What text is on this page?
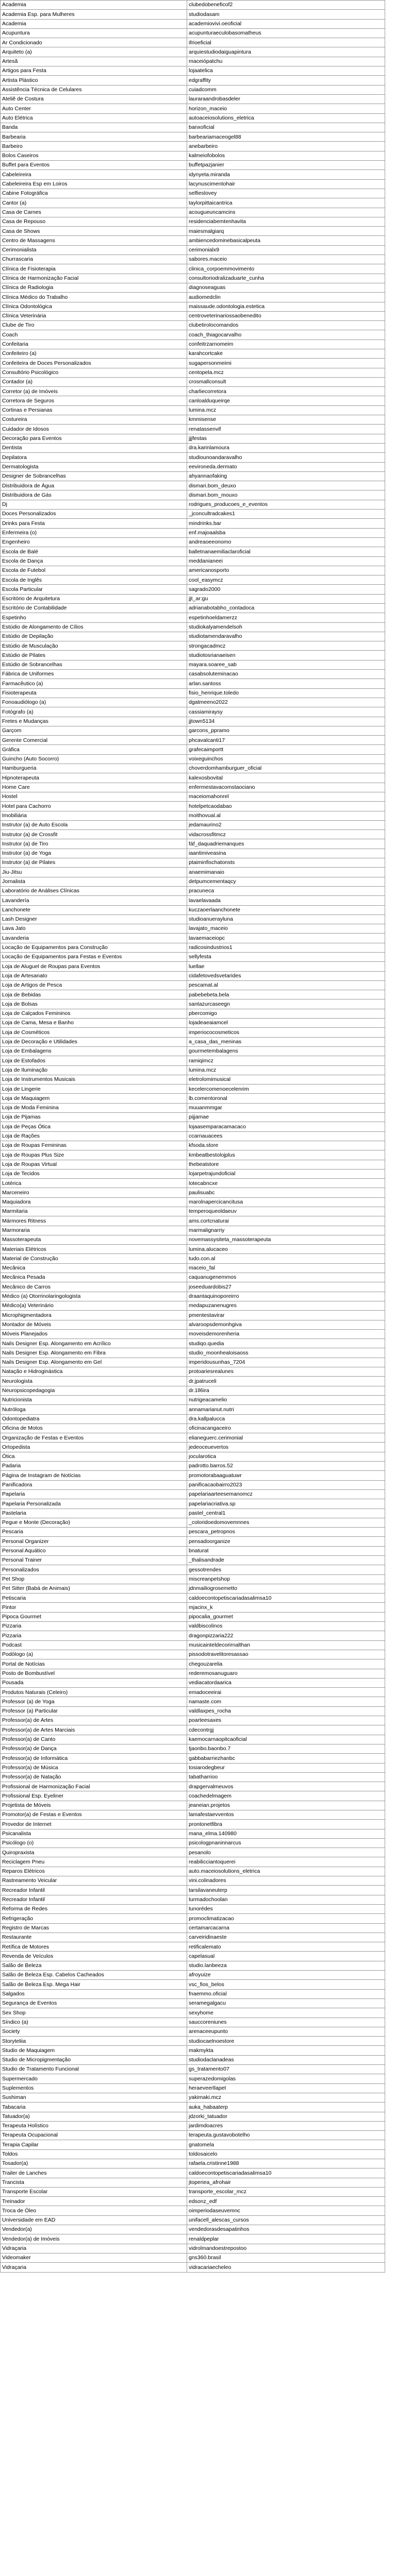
Academia	clubedobeneficof2
Academia Esp. para Mulheres	studiodasam
Academia	academiovivi.oeoficial
Acupuntura	acupunturaeculobasomatheus
Ar Condicionado	ifrioeficial
Arquiteto (a)	arquiestudiodaiguapintura
Artesã	maceiópatchu
Artigos para Festa	lojaatelica
Artista Plástico	edgraffity
Assistência Técnica de Celulares	cuiadcomm
Ateliê de Costura	lauraraandrobasdeler
Auto Center	horizon_maceio
Auto Elétrica	autoaceiosolutions_eletrica
Banda	banxoficial
Barbearia	barbeariamaceogel88
Barbeiro	anebarbeiro
Bolos Caseiros	kalmeiofobolos
Buffet para Eventos	buffetpazjanier
Cabeleireira	idynyeta.miranda
Cabeleireira Esp em Loiros	lacynuscimentohair
Cabine Fotográfica	selfieslovey
Cantor (a)	taylorpittaicantrica
Casa de Carnes	acougueuncamcins
Casa de Repouso	residenciabemtenhavita
Casa de Shows	maiesmalgiarq
Centro de Massagens	ambiencedominebasicalpeuta
Cerimonialista	cerimonialx9
Churrascaria	sabores.maceio
Clínica de Fisioterapia	clinica_corpoemmovimento
Clínica de Harmonização Facial	consultoriodralizaduarte_cunha
Clínica de Radiologia	diagnoseaguas
Clínica Médico do Trabalho	audiomedclin
Clínica Odontológica	maissaude.odontologia.estetica
Clínica Veterinária	centroveterinariossaobenedito
Clube de Tiro	clubetirolocomandos
Coach	coach_thiagocarvalho
Confeitaria	confeitrzarnomeim
Confeiteiro (a)	karahcortcake
Confeiteira de Doces Personalizados	sugapersonmeimi
Consultório Psicológico	centopela.mcz
Contador (a)	crosmallconsult
Corretor (a) de Imóveis	charliecorretora
Corretora de Seguros	canloalduqueirqe
Cortinas e Persianas	lumina.mcz
Costureira	kmmisense
Cuidador de Idosos	renatassenvif
Decoração para Eventos	jjjfestas
Dentista	dra.karinlamoura
Depilatora	studiounoandaravalho
Dermatologista	eevironeda.dermato
Designer de Sobrancelhas	ahyannaofaking
Distribuidora de Água	dismari.bom_deuxo
Distribuidora de Gás	dismari.bom_mouxo
Dj	rodrigues_producoes_e_eventos
Doces Personalizados	_jconcultradcakes1
Drinks para Festa	mindrinks.bar
Enfermeira (o)	enf.majoaalsba
Engenheiro	andreaoeeonomo
Escola de Balé	balletnanaemiliaclaroficial
Escola de Dança	meddanianeei
Escola de Futebol	americanosporto
Escola de Inglês	cool_easymcz
Escola Particular	sagrado2000
Escritório de Arquitetura	jjt_ar:gu
Escritório de Contabilidade	adrianabotabho_contadoca
Espetinho	espetinhoeldamerzz
Estúdio de Alongamento de Cílios	studiokalyamendelsoh
Estúdio de Depilação	studiotamendaravalho
Estúdio de Musculação	strongacadmcz
Estúdio de Pilates	studiotosrianaeisen
Estúdio de Sobrancelhas	mayara.soaree_sab
Fábrica de Uniformes	casabsoluteminacao
Farmacêutico (a)	arlan.santoss
Fisioterapeuta	fisio_henrique.toledo
Fonoaudiólogo (a)	dgatmeeno2022
Fotógrafo (a)	cassiamiraysy
Fretes e Mudanças	jjtown5134
Garçom	garcons_ppramo
Gerente Comercial	phcavalcanti17
Gráfica	grafecaimportt
Guincho (Auto Socorro)	voixeguinchos
Hamburgueria	choverdomhamburguer_oficial
Hipnoterapeuta	kalexosbovital
Home Care	enfermestavacomstaociano
Hostel	maceiomahonrel
Hotel para Cachorro	hotelpetcaodabao
Imobiliária	moithovual.al
Instrutor (a) de Auto Escola	jedamaurino2
Instrutor (a) de Crossfit	vidacrossfitmcz
Instrutor (a) de Tiro	fáf_daquadriemanques
Instrutor (a) de Yoga	iaantimiveasina
Instrutor (a) de Pilates	ptaiminfischatonsts
Jiu-Jitsu	anaemimanaio
Jornalista	detpumcementaqcy
Laboratório de Análises Clínicas	pracuneca
Lavandería	lavaelavaada
Lanchonete	kuczaoerlaanchonete
Lash Designer	studioanuerayluna
Lava Jato	lavajato_maceio
Lavanderia	lavaemaceiopc
Locação de Equipamentos para Construção	radicosindustrios1
Locação de Equipamentos para Festas e Eventos	sellyfesta
Loja de Aluguel de Roupas para Eventos	luellae
Loja de Artesanato	cidafetovedsvetarides
Loja de Artigos de Pesca	pescamat.al
Loja de Bebidas	pabebebeta.bela
Loja de Bolsas	santazurcaseegn
Loja de Calçados Femininos	pbercomigo
Loja de Cama, Mesa e Banho	lojadeaeaiamcel
Loja de Cosméticos	imperiococosmeticos
Loja de Decoração e Utilidades	a_casa_das_meninas
Loja de Embalagens	gourmetembalagens
Loja de Estofados	ramiqimcz
Loja de Iluminação	lumina.mcz
Loja de Instrumentos Musicais	eletrolomimusical
Loja de Lingerie	kecelercomenoecelenrim
Loja de Maquiagem	lb.comentoronal
Loja de Moda Feminina	muuanmmgar
Loja de Pijamas	pijjamae
Loja de Peças Ótica	lojaasemparacamacaco
Loja de Rações	ccarnauacees
Loja de Roupas Femininas	kfsoda.store
Loja de Roupas Plus Size	kmbeatbestolojplus
Loja de Roupas Virtual	thebeatstore
Loja de Tecidos	lojarpetrajundoficial
Lotérica	lotecabncxe
Marceneiro	paulisuabc
Maquiadora	marolnapercicancitusa
Marmitaria	temperoqueoldaeuv
Mármores Ritness	ams.cortcnaturai
Marmoraria	marmalignarriy
Massoterapeuta	novemassysiteta_massoterapeuta
Materiais Elétricos	lumina.alucaceo
Material de Construção	tudo.con.al
Mecânica	maceio_fal
Mecânica Pesada	caquanugenemmos
Mecânico de Carros	joseeduardobis27
Médico (a) Otorrinolaringologista	draantaquinoporeirro
Médico(a) Veterinário	medapuzanenugres
Microphigmentadora	pmentestavirar
Montador de Móveis	alvaroopsdemonhgiva
Móveis Planejados	moveisdemorenheria
Nails Designer Esp. Alongamento em Acrílico	studiqo.quedia
Nails Designer Esp. Alongamento em Fibra	studio_moonhealoisaoss
Nails Designer Esp. Alongamento em Gel	imperidousunhas_7204
Natação e Hidroginástica	protoariesrealunes
Neurologista	dr.jpatruceli
Neuropsicopedagogia	dr.1ll6ira
Nutricionista	nutrigeacamelio
Nutróloga	annamarianut.nutri
Odontopediatra	dra.kallpalucca
Oficina de Motos	oficinacangaceiro
Organização de Festas e Eventos	elianeguerc.cerimonial
Ortopedista	jedeoceuevertos
Ótica	jocularotica
Padaria	padrotto.barros.52
Página de Instagram de Notícias	promotorabaaguatuwr
Panificadora	panificacaobairro2023
Papelaria	papelariaarteesemanomcz
Papelaria Personalizada	papelariacriativa.sp
Pastelaria	pastel_central1
Pegue e Monte (Decoração)	_coloridoedomovemnnes
Pescaria	pescara_petropnos
Personal Organizer	pensadoorganize
Personal Aquático	bnaturat
Personal Trainer	_thalisandrade
Personalizados	gessotrendes
Pet Shop	miscreanpetshop
Pet Sitter (Babá de Animais)	jdnmailiogrosemetto
Petiscaria	caldoecontopetiscariadasalimsa10
Pintor	mjacinx_k
Pipoca Gourmet	pipocalia_gourmet
Pizzaria	valdbiscolinos
Pizzaria	dragonpizzaria222
Podcast	musicainteldecorirnalthan
Podólogo (a)	pissodotravelitoresassao
Portal de Notícias	chegouzarelia
Posto de Bombustível	rederemosanuguaro
Pousada	vediacatordaarica
Produtos Naturais (Celeiro)	emadoceeirai
Professor (a) de Yoga	namaste.com
Professor (a) Particular	valdlaxpes_rocha
Professor(a) de Artes	poarteesaxes
Professor(a) de Artes Marciais	cdecontrgj
Professor(a) de Canto	kaemocarnaopitcaoficial
Professor(a) de Dança	tjaonbo.baonbo.7
Professor(a) de Informática	gabbabarriezhanbc
Professor(a) de Música	tosiarodegbeur
Professor(a) de Natação	tabatharrioo
Profissional de Harmonização Facial	drapgervalmeuvos
Profissional Esp. Eyeliner	coachedelmagem
Projetista de Móveis	jeaneian.projetos
Promotor(a) de Festas e Eventos	lamafestaevventos
Provedor de Internet	prontonetfibra
Psicanalista	mana_elma.140980
Psicólogo (o)	psicologpnaninnarcus
Quiropraxista	pesanolo
Reciclagem Pneu	reabilicciantoquerei
Reparos Elétricos	auto.maceiosolutions_eletrica
Rastreamento Veicular	vini.colinadores
Recreador Infantil	tarsilavaneuterp
Recreador Infantil	turmadochoolan
Reforma de Redes	tunorédes
Refrigeração	promoclimatizacao
Registro de Marcas	certamarcacarna
Restaurante	carveiridinaeste
Retífica de Motores	retificalemato
Revenda de Veículos	capelasual
Salão de Beleza	studio.lanbeeza
Salão de Beleza Esp. Cabelos Cacheados	afroyuize
Salão de Beleza Esp. Mega Hair	vsc_fios_belos
Salgados	fnaemmo.oficial
Segurança de Eventos	seramegalgacu
Sex Shop	sexyhome
Síndico (a)	sauccoreniunes
Society	arenaceeupunto
Storyteliia	studiocaelnoestore
Studio de Maquiagem	makmykta
Studio de Micropigmentação	studiodaclanadeas
Studio de Tratamento Funcional	gs_tratamento07
Supermercado	superazedomigolas
Suplementos	heraeveerllapet
Sushiman	yakimaki.mcz
Tabacaria	auka_habaaterp
Tatuador(a)	jdzorki_tatuador
Terapeuta Holístico	jardimdoacres
Terapeuta Ocupacional	terapeuta.gustavobotelho
Terapia Capilar	gnatomela
Toldos	toldosaicelo
Tosador(a)	rafaela.cristinne1988
Trailer de Lanches	caldoecontopetiscariadasalimsa10
Trancista	jtoperiea_afrohair
Transporte Escolar	transporte_escolar_mcz
Treinador	edsonz_edf
Troca de Óleo	oimperiodaseuvemnc
Universidade em EAD	unifacell_alescas_cursos
Vendedor(a)	vendedorasdesapatinhos
Vendedor(a) de Imóveis	renaldpeplar
Vidraçaria	vidrolmandoestrepostoo
Videomaker	gns360.brasil
Vidraçaria	vidracariaecheleo
